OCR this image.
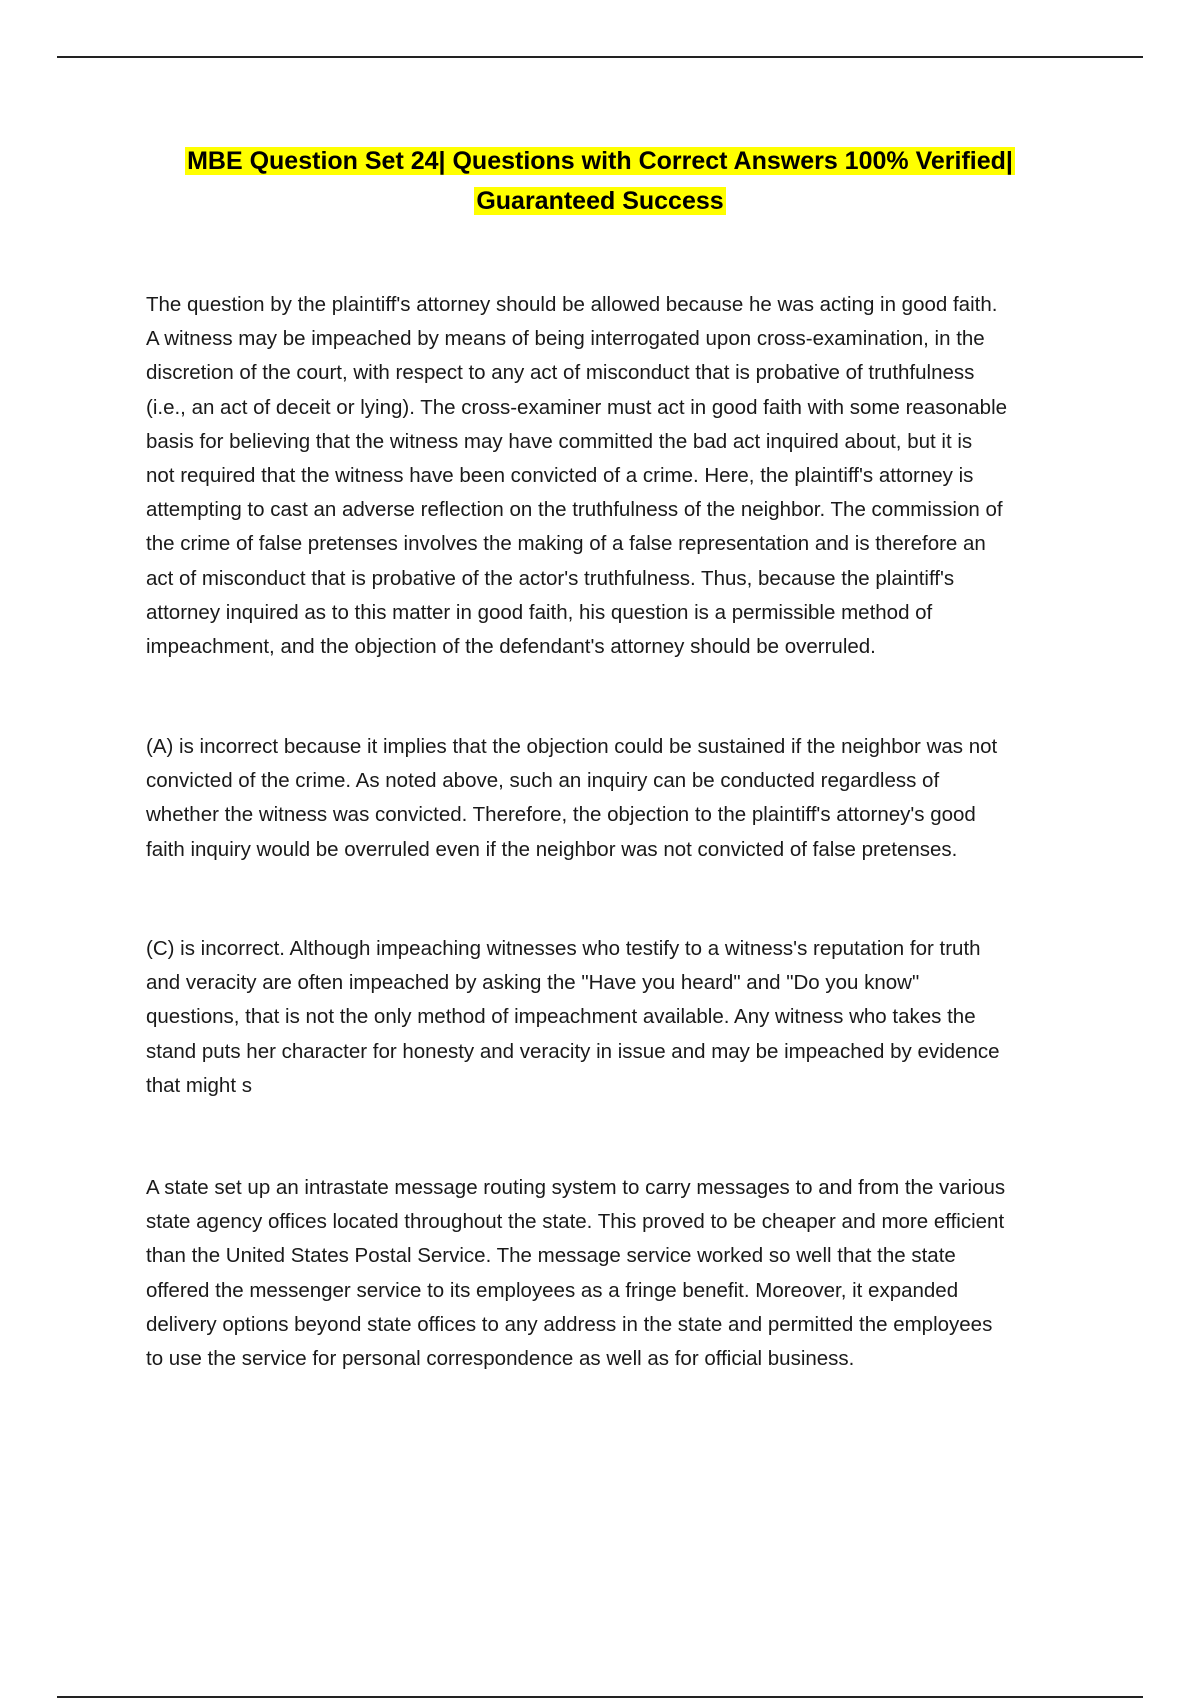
MBE Question Set 24| Questions with Correct Answers 100% Verified|
Guaranteed Success
The question by the plaintiff's attorney should be allowed because he was acting in good faith.
A witness may be impeached by means of being interrogated upon cross-examination, in the
discretion of the court, with respect to any act of misconduct that is probative of truthfulness
(i.e., an act of deceit or lying). The cross-examiner must act in good faith with some reasonable
basis for believing that the witness may have committed the bad act inquired about, but it is
not required that the witness have been convicted of a crime. Here, the plaintiff's attorney is
attempting to cast an adverse reflection on the truthfulness of the neighbor. The commission of
the crime of false pretenses involves the making of a false representation and is therefore an
act of misconduct that is probative of the actor's truthfulness. Thus, because the plaintiff's
attorney inquired as to this matter in good faith, his question is a permissible method of
impeachment, and the objection of the defendant's attorney should be overruled.
(A) is incorrect because it implies that the objection could be sustained if the neighbor was not
convicted of the crime. As noted above, such an inquiry can be conducted regardless of
whether the witness was convicted. Therefore, the objection to the plaintiff's attorney's good
faith inquiry would be overruled even if the neighbor was not convicted of false pretenses.
(C) is incorrect. Although impeaching witnesses who testify to a witness's reputation for truth
and veracity are often impeached by asking the "Have you heard" and "Do you know"
questions, that is not the only method of impeachment available. Any witness who takes the
stand puts her character for honesty and veracity in issue and may be impeached by evidence
that might s
A state set up an intrastate message routing system to carry messages to and from the various
state agency offices located throughout the state. This proved to be cheaper and more efficient
than the United States Postal Service. The message service worked so well that the state
offered the messenger service to its employees as a fringe benefit. Moreover, it expanded
delivery options beyond state offices to any address in the state and permitted the employees
to use the service for personal correspondence as well as for official business.
